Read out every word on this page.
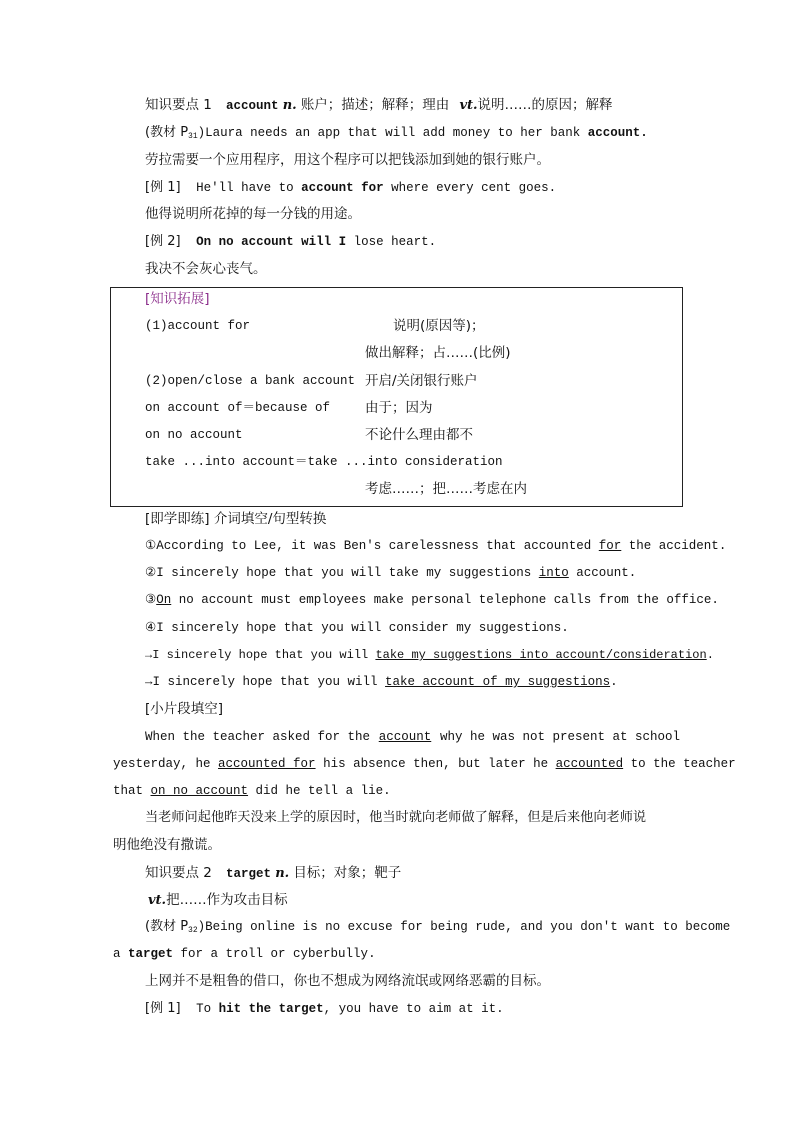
知识要点 1 account n. 账户；描述；解释；理由 vt.说明……的原因；解释
(教材 $P_{31})Laura$ needs an app that will add money to her bank account.
劳拉需要一个应用程序，用这个程序可以把钱添加到她的银行账户。
[例 1] He'll have to account for where every cent goes.
他得说明所花掉的每一分钱的用途。
[例 2] On no account will I lose heart.
我决不会灰心丧气。
[知识拓展]
(1)account for	说明(原因等)；
做出解释；占……(比例)
(2)open/close a bank account 开启/关闭银行账户
on account of＝because of	由于；因为
on no account	不论什么理由都不
take ...into account＝take ...into consideration
考虑……；把……考虑在内
[即学即练] 介词填空/句型转换
①According to Lee, it was Ben's carelessness that accounted for the accident.
②I sincerely hope that you will take my suggestions into account.
③On no account must employees make personal telephone calls from the office.
④I sincerely hope that you will consider my suggestions.
→I sincerely hope that you will take my suggestions into account/consideration.
→I sincerely hope that you will take account of my suggestions.
[小片段填空]
When the teacher asked for the account why he was not present at school
yesterday, he accounted for his absence then, but later he accounted to the teacher
that on no account did he tell a lie.
当老师问起他昨天没来上学的原因时，他当时就向老师做了解释，但是后来他向老师说
明他绝没有撒谎。
知识要点 2 target n. 目标；对象；靶子
vt.把……作为攻击目标
(教材 $P_{32})Being$ online is no excuse for being rude, and you don't want to become
a target for a troll or cyberbully.
上网并不是粗鲁的借口，你也不想成为网络流氓或网络恶霸的目标。
[例 1] To hit the target, you have to aim at it.
